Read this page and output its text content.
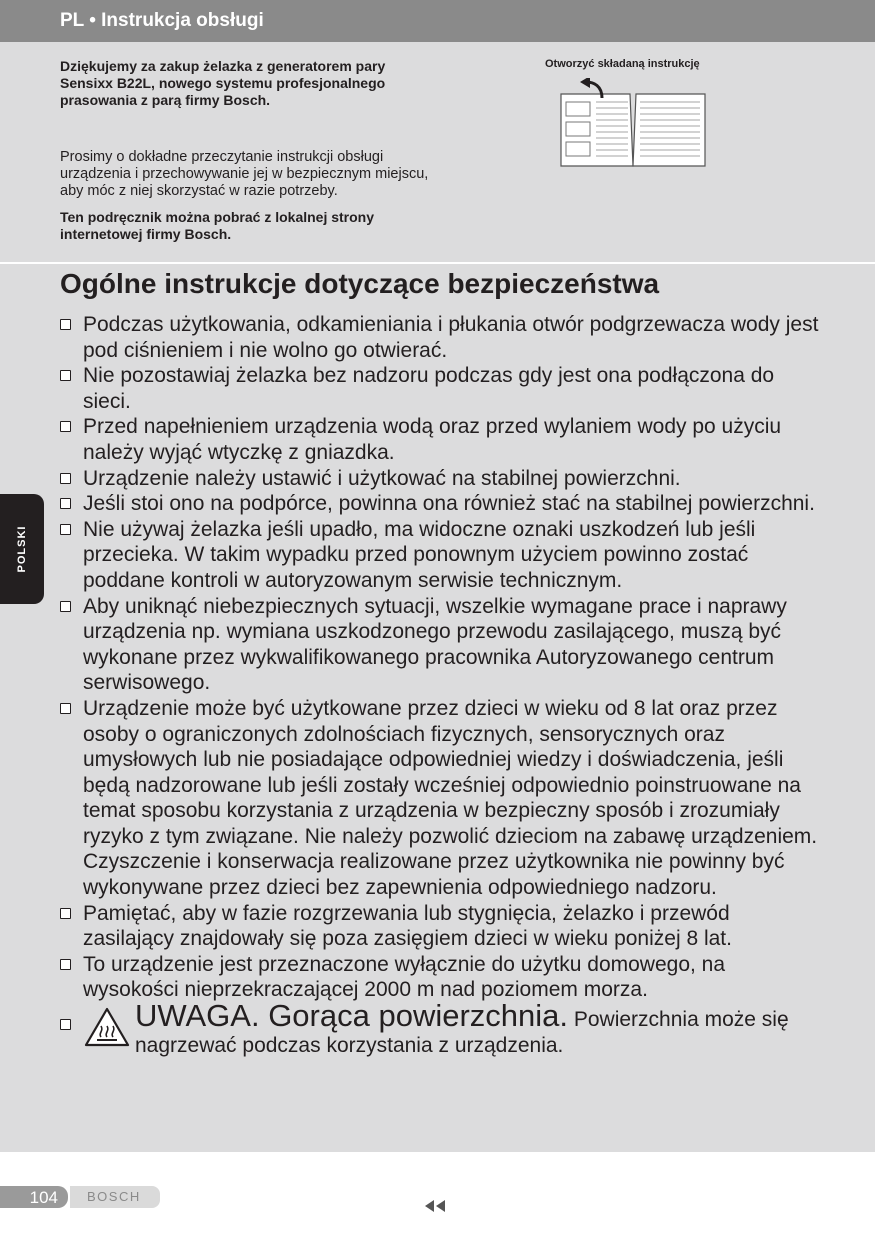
PL • Instrukcja obsługi
Dziękujemy za zakup żelazka z generatorem pary Sensixx B22L, nowego systemu profesjonalnego prasowania z parą firmy Bosch.
Prosimy o dokładne przeczytanie instrukcji obsługi urządzenia i przechowywanie jej w bezpiecznym miejscu, aby móc z niej skorzystać w razie potrzeby.
Ten podręcznik można pobrać z lokalnej strony internetowej firmy Bosch.
Otworzyć składaną instrukcję
Ogólne instrukcje dotyczące bezpieczeństwa
Podczas użytkowania, odkamieniania i płukania otwór podgrzewacza wody jest pod ciśnieniem i nie wolno go otwierać.
Nie pozostawiaj żelazka bez nadzoru podczas gdy jest ona podłączona do sieci.
Przed napełnieniem urządzenia wodą oraz przed wylaniem wody po użyciu należy wyjąć wtyczkę z gniazdka.
Urządzenie należy ustawić i użytkować na stabilnej powierzchni.
Jeśli stoi ono na podpórce, powinna ona również stać na stabilnej powierzchni.
Nie używaj żelazka jeśli upadło, ma widoczne oznaki uszkodzeń lub jeśli przecieka. W takim wypadku przed ponownym użyciem powinno zostać poddane kontroli w autoryzowanym serwisie technicznym.
Aby uniknąć niebezpiecznych sytuacji, wszelkie wymagane prace i naprawy urządzenia np. wymiana uszkodzonego przewodu zasilającego, muszą być wykonane przez wykwalifikowanego pracownika Autoryzowanego centrum serwisowego.
Urządzenie może być użytkowane przez dzieci w wieku od 8 lat oraz przez osoby o ograniczonych zdolnościach fizycznych, sensorycznych oraz umysłowych lub nie posiadające odpowiedniej wiedzy i doświadczenia, jeśli będą nadzorowane lub jeśli zostały wcześniej odpowiednio poinstruowane na temat sposobu korzystania z urządzenia w bezpieczny sposób i zrozumiały ryzyko z tym związane. Nie należy pozwolić dzieciom na zabawę urządzeniem. Czyszczenie i konserwacja realizowane przez użytkownika nie powinny być wykonywane przez dzieci bez zapewnienia odpowiedniego nadzoru.
Pamiętać, aby w fazie rozgrzewania lub stygnięcia, żelazko i przewód zasilający znajdowały się poza zasięgiem dzieci w wieku poniżej 8 lat.
To urządzenie jest przeznaczone wyłącznie do użytku domowego, na wysokości nieprzekraczającej 2000 m nad poziomem morza.
UWAGA. Gorąca powierzchnia. Powierzchnia może się nagrzewać podczas korzystania z urządzenia.
POLSKI
104 BOSCH
